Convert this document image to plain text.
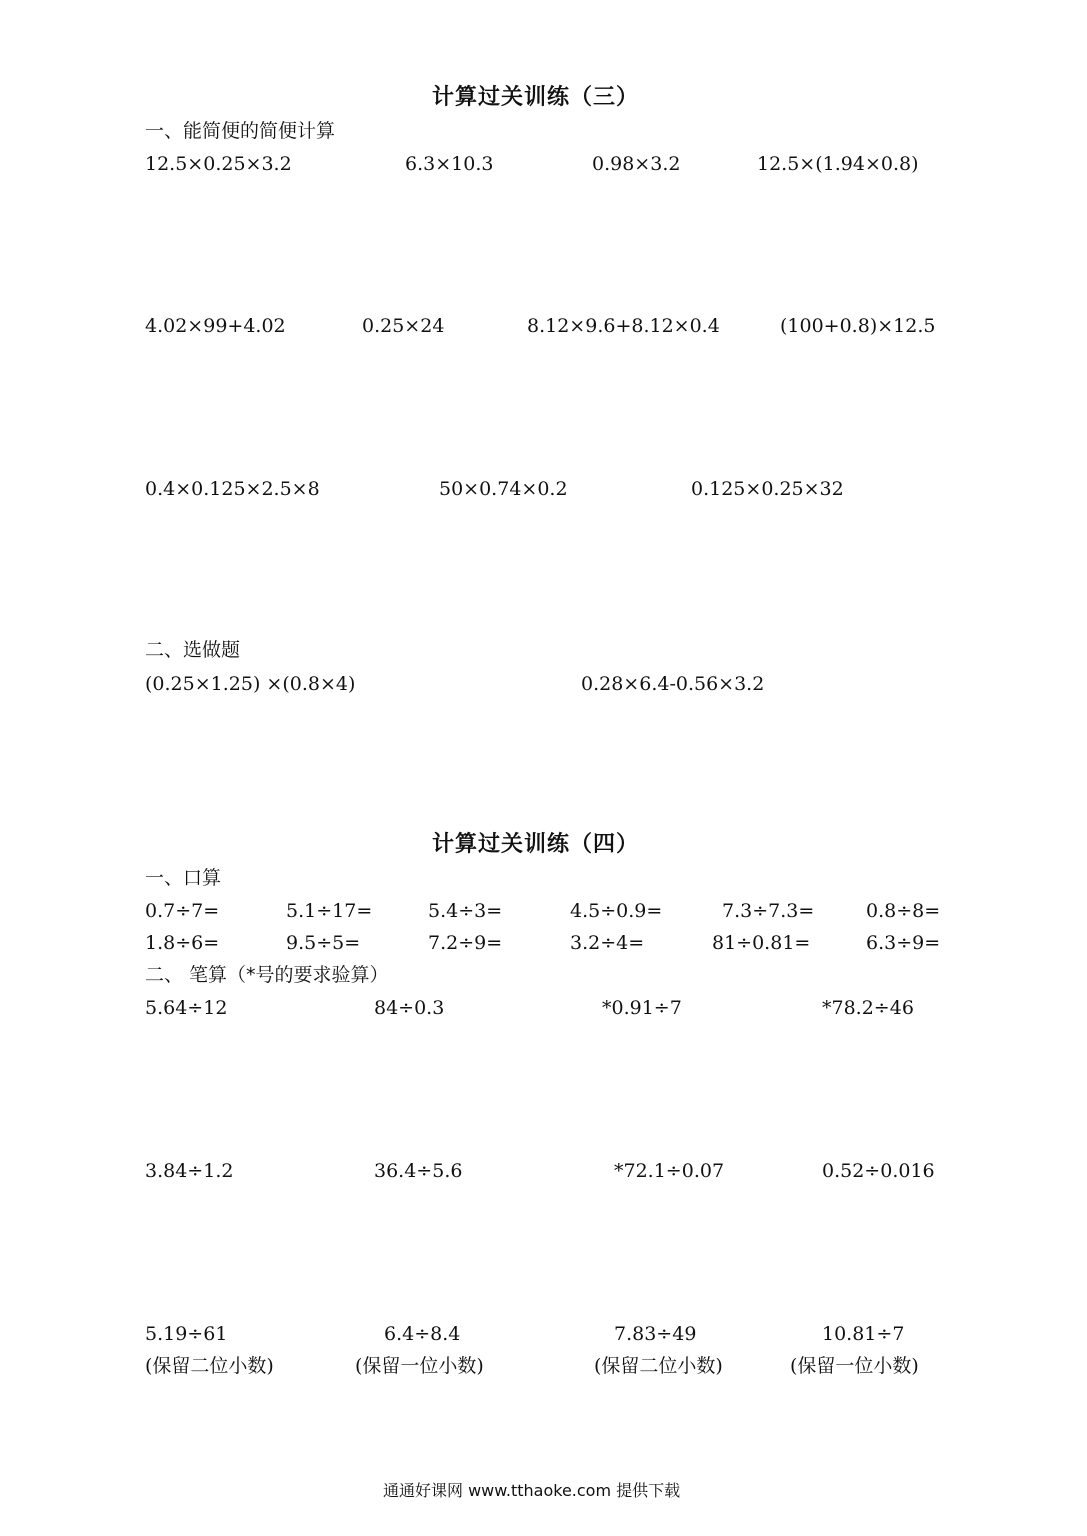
计算过关训练（三）
一、能简便的简便计算
12.5×0.25×3.2	6.3×10.3	0.98×3.2	12.5×(1.94×0.8)
4.02×99+4.02	0.25×24	8.12×9.6+8.12×0.4	(100+0.8)×12.5
0.4×0.125×2.5×8	50×0.74×0.2	0.125×0.25×32
二、选做题
(0.25×1.25) ×(0.8×4)	0.28×6.4-0.56×3.2
计算过关训练（四）
一、口算
0.7÷7=	5.1÷17=	5.4÷3=	4.5÷0.9=	7.3÷7.3=	0.8÷8=
1.8÷6=	9.5÷5=	7.2÷9=	3.2÷4=	81÷0.81=	6.3÷9=
二、 笔算（*号的要求验算）
5.64÷12	84÷0.3	*0.91÷7	*78.2÷46
3.84÷1.2	36.4÷5.6	*72.1÷0.07	0.52÷0.016
5.19÷61	6.4÷8.4	7.83÷49	10.81÷7
(保留二位小数)	(保留一位小数)	(保留二位小数)	(保留一位小数)
通通好课网 www.tthaoke.com 提供下载
